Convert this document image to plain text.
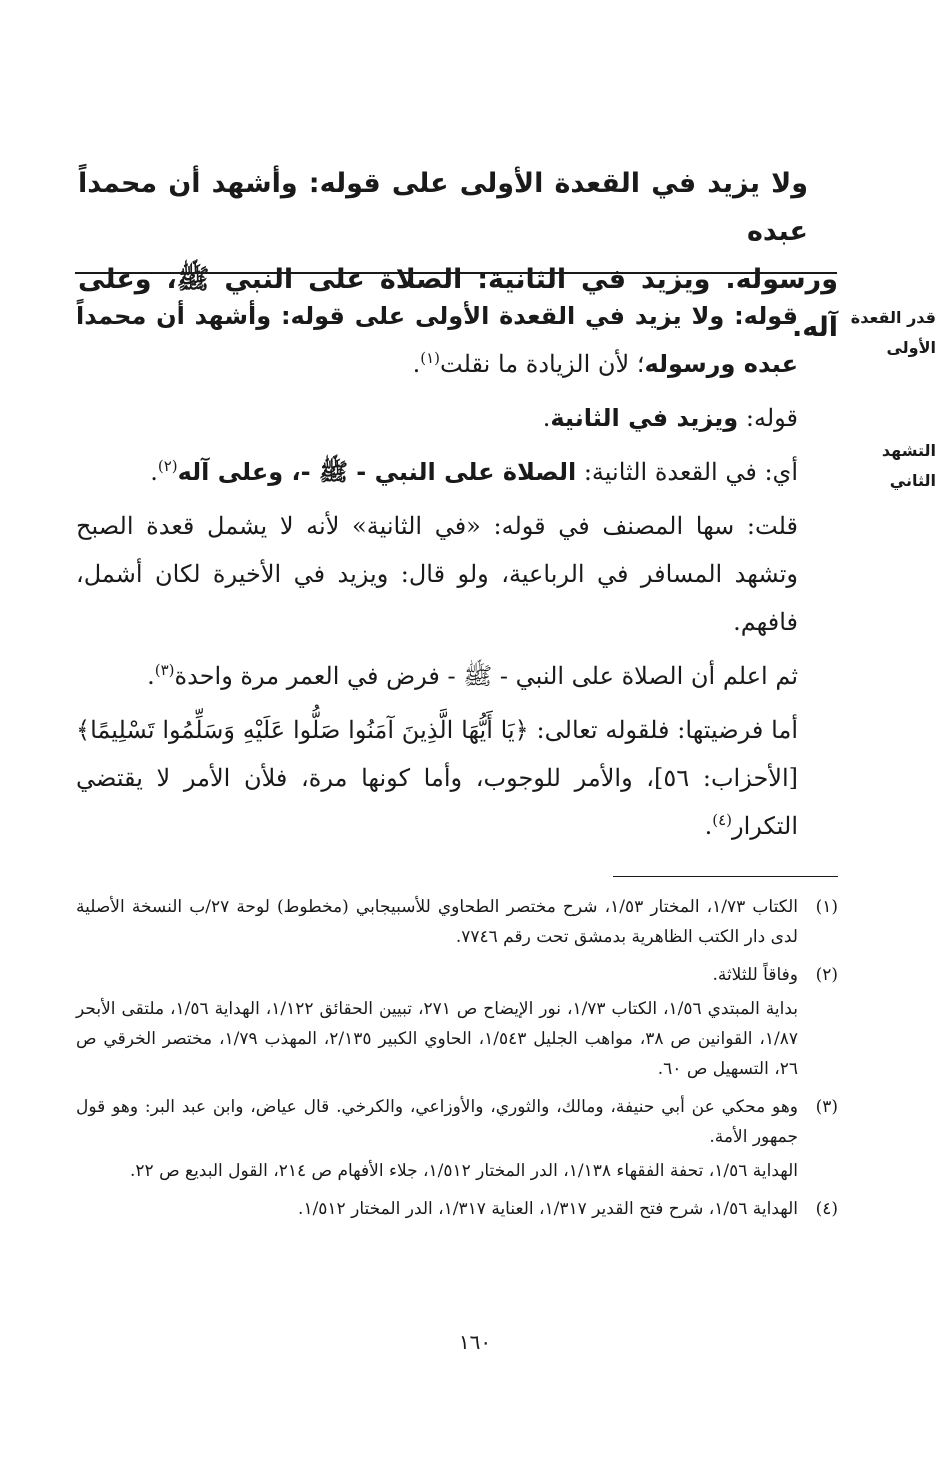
ولا يزيد في القعدة الأولى على قوله: وأشهد أن محمداً عبده

ورسوله. ويزيد في الثانية: الصلاة على النبي ﷺ، وعلى آله. قدر القعدة الأولى
التشهد الثاني

قوله: ولا يزيد في القعدة الأولى على قوله: وأشهد أن محمداً عبده ورسوله؛ لأن الزيادة ما نقلت$^{(١)}$.

قوله: ويزيد في الثانية.

أي: في القعدة الثانية: الصلاة على النبي - ﷺ -، وعلى آله$^{(٢)}$.

قلت: سها المصنف في قوله: «في الثانية» لأنه لا يشمل قعدة الصبح وتشهد المسافر في الرباعية، ولو قال: ويزيد في الأخيرة لكان أشمل، فافهم.

ثم اعلم أن الصلاة على النبي - ﷺ - فرض في العمر مرة واحدة$^{(٣)}$.

أما فرضيتها: فلقوله تعالى: ﴿يَا أَيُّهَا الَّذِينَ آمَنُوا صَلُّوا عَلَيْهِ وَسَلِّمُوا تَسْلِيمًا﴾ [الأحزاب: ٥٦]، والأمر للوجوب، وأما كونها مرة، فلأن الأمر لا يقتضي التكرار$^{(٤)}$.

(١)

الكتاب ١/٧٣، المختار ١/٥٣، شرح مختصر الطحاوي للأسبيجابي (مخطوط) لوحة ٢٧/ب النسخة الأصلية لدى دار الكتب الظاهرية بدمشق تحت رقم ٧٧٤٦.

(٢)

وفاقاً للثلاثة.

بداية المبتدي ١/٥٦، الكتاب ١/٧٣، نور الإيضاح ص ٢٧١، تبيين الحقائق ١/١٢٢، الهداية ١/٥٦، ملتقى الأبحر ١/٨٧، القوانين ص ٣٨، مواهب الجليل ١/٥٤٣، الحاوي الكبير ٢/١٣٥، المهذب ١/٧٩، مختصر الخرقي ص ٢٦، التسهيل ص ٦٠.

(٣)

وهو محكي عن أبي حنيفة، ومالك، والثوري، والأوزاعي، والكرخي. قال عياض، وابن عبد البر: وهو قول جمهور الأمة.

الهداية ١/٥٦، تحفة الفقهاء ١/١٣٨، الدر المختار ١/٥١٢، جلاء الأفهام ص ٢١٤، القول البديع ص ٢٢.

(٤)

الهداية ١/٥٦، شرح فتح القدير ١/٣١٧، العناية ١/٣١٧، الدر المختار ١/٥١٢.

١٦٠
